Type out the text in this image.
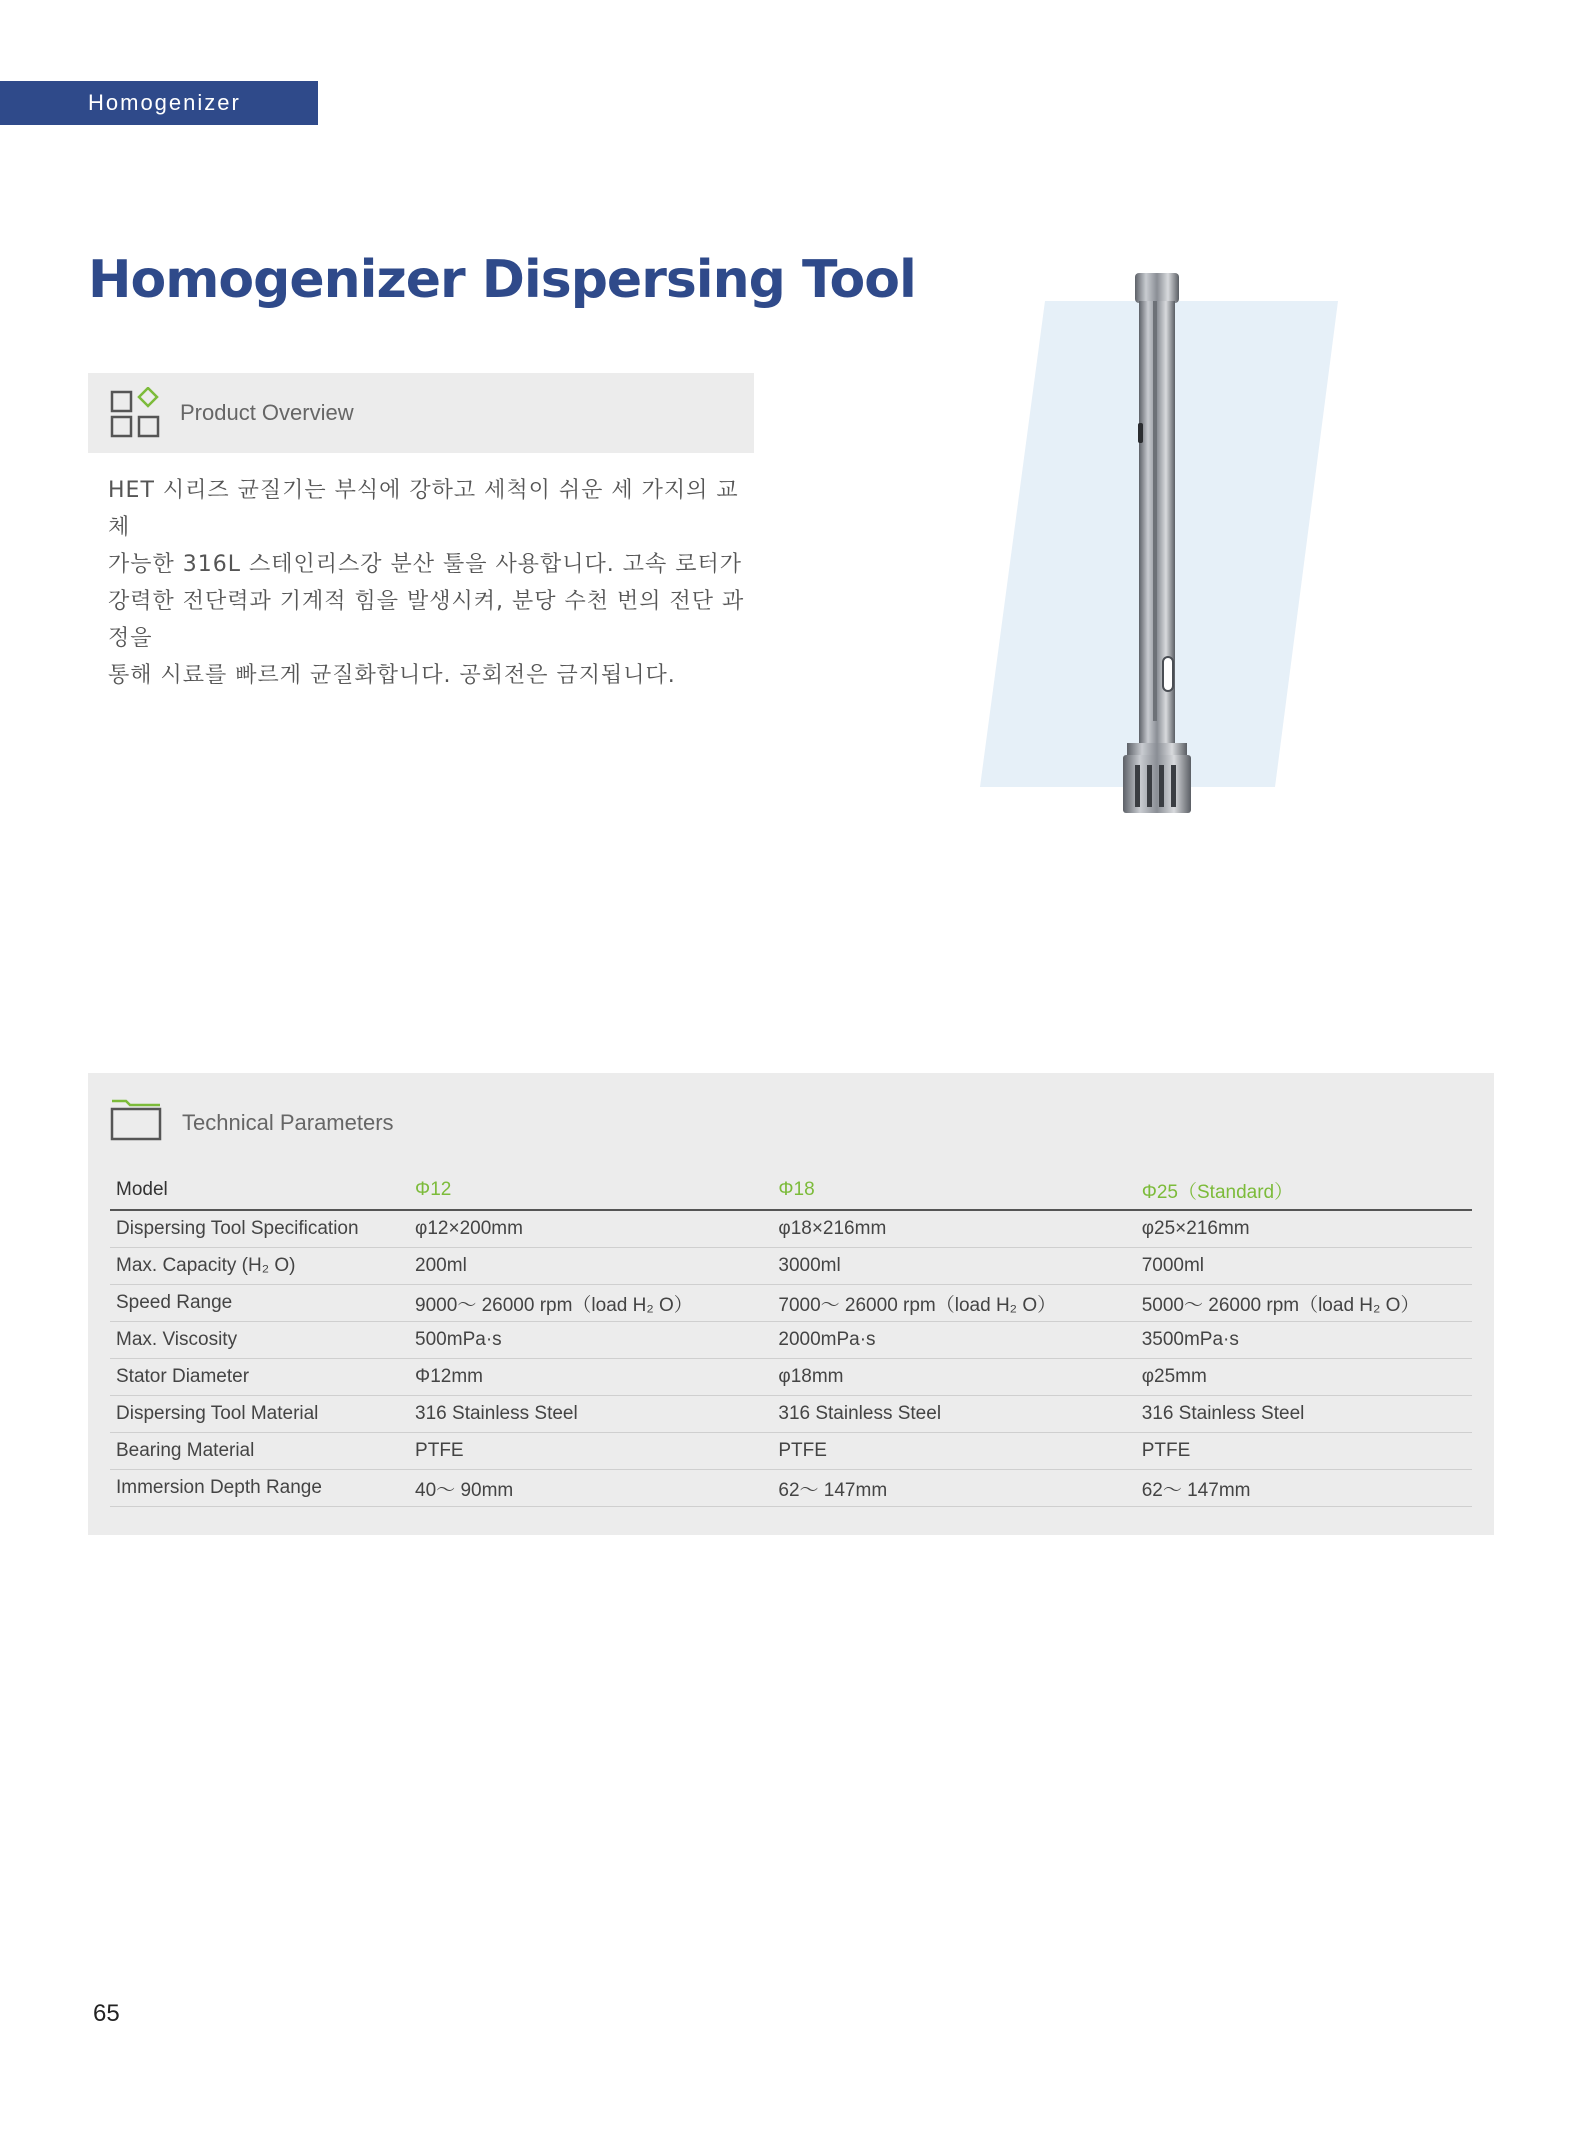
Homogenizer
Homogenizer Dispersing Tool
Product Overview

HET 시리즈 균질기는 부식에 강하고 세척이 쉬운 세 가지의 교체
가능한 316L 스테인리스강 분산 툴을 사용합니다. 고속 로터가
강력한 전단력과 기계적 힘을 발생시켜, 분당 수천 번의 전단 과정을
통해 시료를 빠르게 균질화합니다. 공회전은 금지됩니다.

Technical Parameters
Model	Φ12	Φ18	Φ25（Standard）
Dispersing Tool Specification	φ12×200mm	φ18×216mm	φ25×216mm
Max. Capacity (H₂ O)	200ml	3000ml	7000ml
Speed Range	9000～ 26000 rpm（load H₂ O）	7000～ 26000 rpm（load H₂ O）	5000～ 26000 rpm（load H₂ O）
Max. Viscosity	500mPa·s	2000mPa·s	3500mPa·s
Stator Diameter	Φ12mm	φ18mm	φ25mm
Dispersing Tool Material	316 Stainless Steel	316 Stainless Steel	316 Stainless Steel
Bearing Material	PTFE	PTFE	PTFE
Immersion Depth Range	40～ 90mm	62～ 147mm	62～ 147mm
65
